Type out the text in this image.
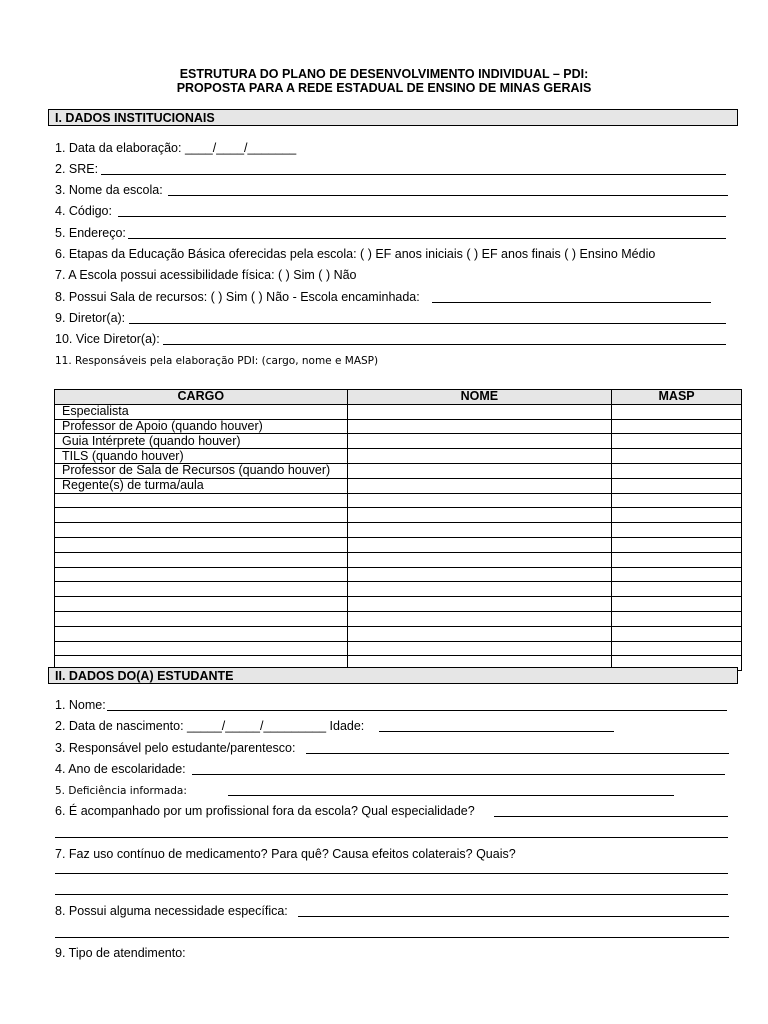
ESTRUTURA DO PLANO DE DESENVOLVIMENTO INDIVIDUAL – PDI:
PROPOSTA PARA A REDE ESTADUAL DE ENSINO DE MINAS GERAIS
I. DADOS INSTITUCIONAIS
1. Data da elaboração: ____/____/_______
2. SRE:
3. Nome da escola:
4. Código:
5. Endereço:
6. Etapas da Educação Básica oferecidas pela escola: ( ) EF anos iniciais ( ) EF anos finais ( ) Ensino Médio
7. A Escola possui acessibilidade física: ( ) Sim ( ) Não
8. Possui Sala de recursos: ( ) Sim ( ) Não - Escola encaminhada:
9. Diretor(a):
10. Vice Diretor(a):
11. Responsáveis pela elaboração PDI: (cargo, nome e MASP)
CARGO	NOME	MASP
Especialista		
Professor de Apoio (quando houver)		
Guia Intérprete (quando houver)		
TILS (quando houver)		
Professor de Sala de Recursos (quando houver)		
Regente(s) de turma/aula		

II. DADOS DO(A) ESTUDANTE
1. Nome:
2. Data de nascimento: _____/_____/_________ Idade:
3. Responsável pelo estudante/parentesco:
4. Ano de escolaridade:
5. Deficiência informada:
6. É acompanhado por um profissional fora da escola? Qual especialidade?
7. Faz uso contínuo de medicamento? Para quê? Causa efeitos colaterais? Quais?
8. Possui alguma necessidade específica:
9. Tipo de atendimento:
